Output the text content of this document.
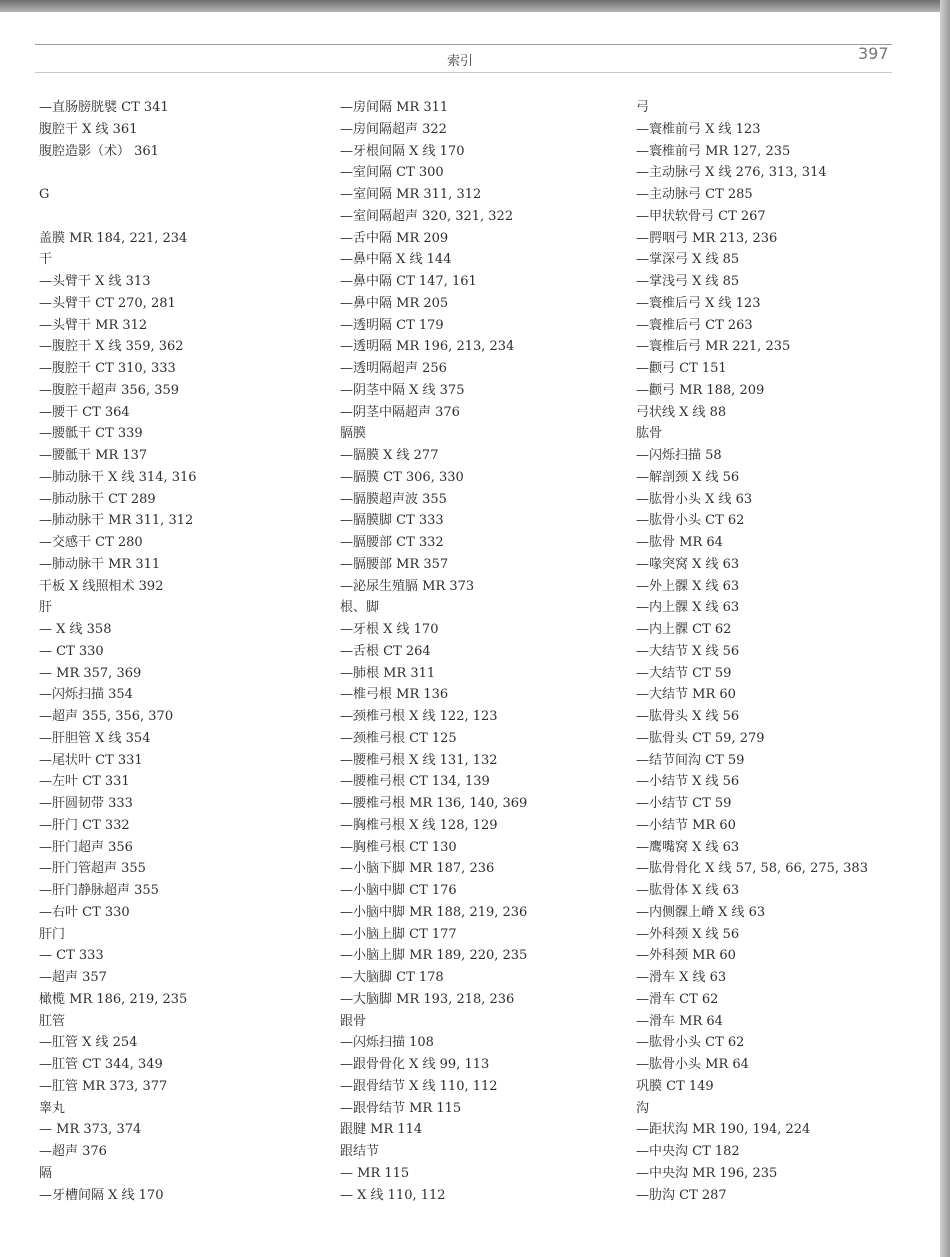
索引	397
—直肠膀胱襞 CT 341
腹腔干 X 线 361
腹腔造影（术） 361
G
盖膜 MR 184, 221, 234
干
—头臂干 X 线 313
—头臂干 CT 270, 281
—头臂干 MR 312
—腹腔干 X 线 359, 362
—腹腔干 CT 310, 333
—腹腔干超声 356, 359
—腰干 CT 364
—腰骶干 CT 339
—腰骶干 MR 137
—肺动脉干 X 线 314, 316
—肺动脉干 CT 289
—肺动脉干 MR 311, 312
—交感干 CT 280
—肺动脉干 MR 311
干板 X 线照相术 392
肝
— X 线 358
— CT 330
— MR 357, 369
—闪烁扫描 354
—超声 355, 356, 370
—肝胆管 X 线 354
—尾状叶 CT 331
—左叶 CT 331
—肝圆韧带 333
—肝门 CT 332
—肝门超声 356
—肝门管超声 355
—肝门静脉超声 355
—右叶 CT 330
肝门
— CT 333
—超声 357
橄榄 MR 186, 219, 235
肛管
—肛管 X 线 254
—肛管 CT 344, 349
—肛管 MR 373, 377
睾丸
— MR 373, 374
—超声 376
隔
—牙槽间隔 X 线 170
—房间隔 MR 311
—房间隔超声 322
—牙根间隔 X 线 170
—室间隔 CT 300
—室间隔 MR 311, 312
—室间隔超声 320, 321, 322
—舌中隔 MR 209
—鼻中隔 X 线 144
—鼻中隔 CT 147, 161
—鼻中隔 MR 205
—透明隔 CT 179
—透明隔 MR 196, 213, 234
—透明隔超声 256
—阴茎中隔 X 线 375
—阴茎中隔超声 376
膈膜
—膈膜 X 线 277
—膈膜 CT 306, 330
—膈膜超声波 355
—膈膜脚 CT 333
—膈腰部 CT 332
—膈腰部 MR 357
—泌尿生殖膈 MR 373
根、脚
—牙根 X 线 170
—舌根 CT 264
—肺根 MR 311
—椎弓根 MR 136
—颈椎弓根 X 线 122, 123
—颈椎弓根 CT 125
—腰椎弓根 X 线 131, 132
—腰椎弓根 CT 134, 139
—腰椎弓根 MR 136, 140, 369
—胸椎弓根 X 线 128, 129
—胸椎弓根 CT 130
—小脑下脚 MR 187, 236
—小脑中脚 CT 176
—小脑中脚 MR 188, 219, 236
—小脑上脚 CT 177
—小脑上脚 MR 189, 220, 235
—大脑脚 CT 178
—大脑脚 MR 193, 218, 236
跟骨
—闪烁扫描 108
—跟骨骨化 X 线 99, 113
—跟骨结节 X 线 110, 112
—跟骨结节 MR 115
跟腱 MR 114
跟结节
— MR 115
— X 线 110, 112
弓
—寰椎前弓 X 线 123
—寰椎前弓 MR 127, 235
—主动脉弓 X 线 276, 313, 314
—主动脉弓 CT 285
—甲状软骨弓 CT 267
—腭咽弓 MR 213, 236
—掌深弓 X 线 85
—掌浅弓 X 线 85
—寰椎后弓 X 线 123
—寰椎后弓 CT 263
—寰椎后弓 MR 221, 235
—颧弓 CT 151
—颧弓 MR 188, 209
弓状线 X 线 88
肱骨
—闪烁扫描 58
—解剖颈 X 线 56
—肱骨小头 X 线 63
—肱骨小头 CT 62
—肱骨 MR 64
—喙突窝 X 线 63
—外上髁 X 线 63
—内上髁 X 线 63
—内上髁 CT 62
—大结节 X 线 56
—大结节 CT 59
—大结节 MR 60
—肱骨头 X 线 56
—肱骨头 CT 59, 279
—结节间沟 CT 59
—小结节 X 线 56
—小结节 CT 59
—小结节 MR 60
—鹰嘴窝 X 线 63
—肱骨骨化 X 线 57, 58, 66, 275, 383
—肱骨体 X 线 63
—内侧髁上嵴 X 线 63
—外科颈 X 线 56
—外科颈 MR 60
—滑车 X 线 63
—滑车 CT 62
—滑车 MR 64
—肱骨小头 CT 62
—肱骨小头 MR 64
巩膜 CT 149
沟
—距状沟 MR 190, 194, 224
—中央沟 CT 182
—中央沟 MR 196, 235
—肋沟 CT 287
